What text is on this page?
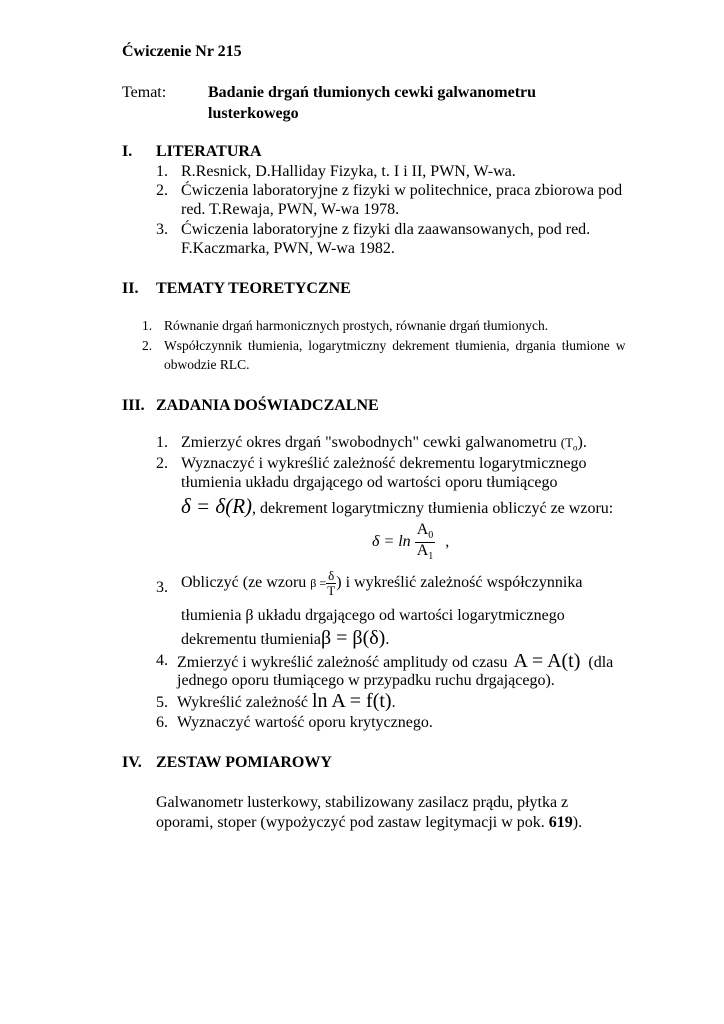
Ćwiczenie Nr 215
Temat:	Badanie drgań tłumionych cewki galwanometru
lusterkowego
I. LITERATURA
1. R.Resnick, D.Halliday Fizyka, t. I i II, PWN, W-wa.
2. Ćwiczenia laboratoryjne z fizyki w politechnice, praca zbiorowa pod
red. T.Rewaja, PWN, W-wa 1978.
3. Ćwiczenia laboratoryjne z fizyki dla zaawansowanych, pod red.
F.Kaczmarka, PWN, W-wa 1982.
II. TEMATY TEORETYCZNE
1. Równanie drgań harmonicznych prostych, równanie drgań tłumionych.
2. Współczynnik tłumienia, logarytmiczny dekrement tłumienia, drgania tłumione w
obwodzie RLC.
III. ZADANIA DOŚWIADCZALNE
1. Zmierzyć okres drgań "swobodnych" cewki galwanometru $(T_o)$.
2. Wyznaczyć i wykreślić zależność dekrementu logarytmicznego
tłumienia układu drgającego od wartości oporu tłumiącego
δ = δ(R), dekrement logarytmiczny tłumienia obliczyć ze wzoru:
$\delta = \ln \frac{A_0}{A_1}$ ,
3. Obliczyć (ze wzoru $\beta = \frac{\delta}{T}$ ) i wykreślić zależność współczynnika
tłumienia β układu drgającego od wartości logarytmicznego
dekrementu tłumieniaβ = β(δ).
4. Zmierzyć i wykreślić zależność amplitudy od czasu A = A(t) (dla
jednego oporu tłumiącego w przypadku ruchu drgającego).
5. Wykreślić zależność ln A = f(t).
6. Wyznaczyć wartość oporu krytycznego.
IV. ZESTAW POMIAROWY
Galwanometr lusterkowy, stabilizowany zasilacz prądu, płytka z
oporami, stoper (wypożyczyć pod zastaw legitymacji w pok. 619).
